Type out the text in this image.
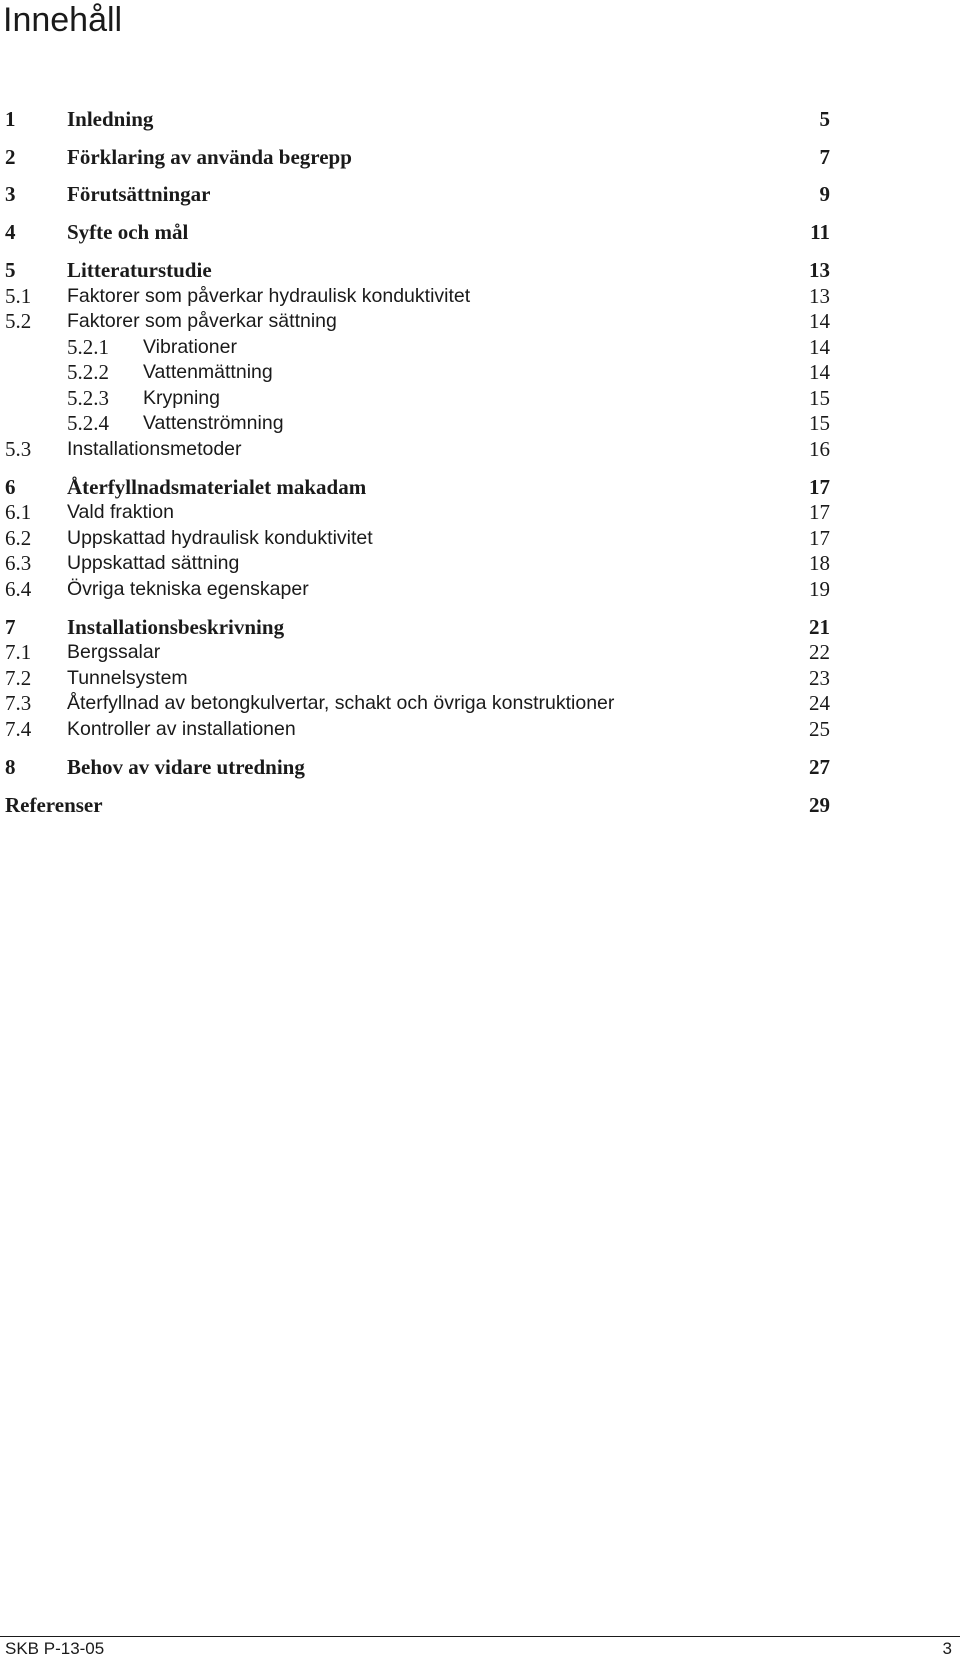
Innehåll
1 Inledning	5
2 Förklaring av använda begrepp	7
3 Förutsättningar	9
4 Syfte och mål	11
5 Litteraturstudie	13
5.1 Faktorer som påverkar hydraulisk konduktivitet	13
5.2 Faktorer som påverkar sättning	14
5.2.1 Vibrationer	14
5.2.2 Vattenmättning	14
5.2.3 Krypning	15
5.2.4 Vattenströmning	15
5.3 Installationsmetoder	16
6 Återfyllnadsmaterialet makadam	17
6.1 Vald fraktion	17
6.2 Uppskattad hydraulisk konduktivitet	17
6.3 Uppskattad sättning	18
6.4 Övriga tekniska egenskaper	19
7 Installationsbeskrivning	21
7.1 Bergssalar	22
7.2 Tunnelsystem	23
7.3 Återfyllnad av betongkulvertar, schakt och övriga konstruktioner	24
7.4 Kontroller av installationen	25
8 Behov av vidare utredning	27
Referenser	29
SKB P-13-05	3
